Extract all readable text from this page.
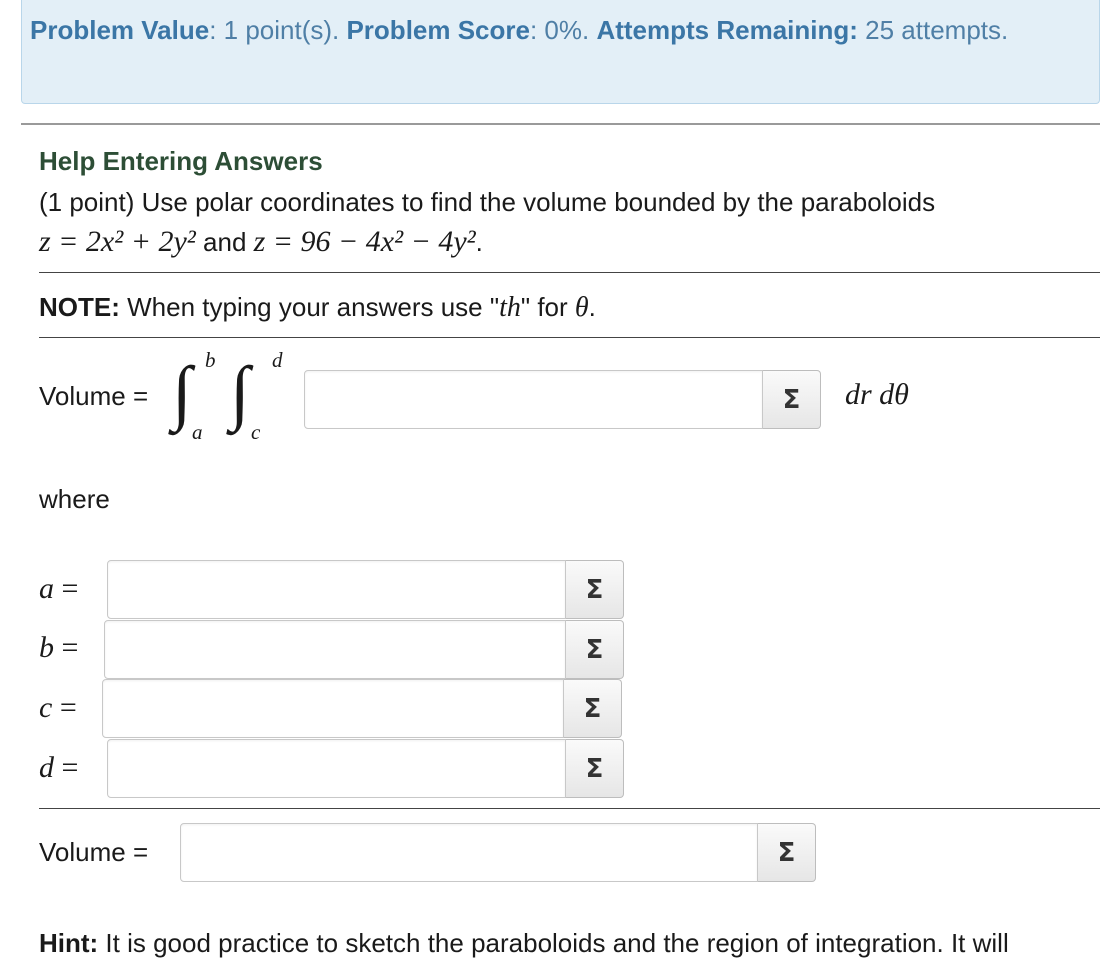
Problem Value: 1 point(s). Problem Score: 0%. Attempts Remaining: 25 attempts.
Help Entering Answers
(1 point) Use polar coordinates to find the volume bounded by the paraboloids
z = 2x² + 2y² and z = 96 − 4x² − 4y².
NOTE: When typing your answers use "th" for θ.
Volume = ∫ b
a ∫ d
c
Σ	dr dθ
where
a =	Σ
b =	Σ
c =	Σ
d =	Σ
Volume =	Σ
Hint: It is good practice to sketch the paraboloids and the region of integration. It will
